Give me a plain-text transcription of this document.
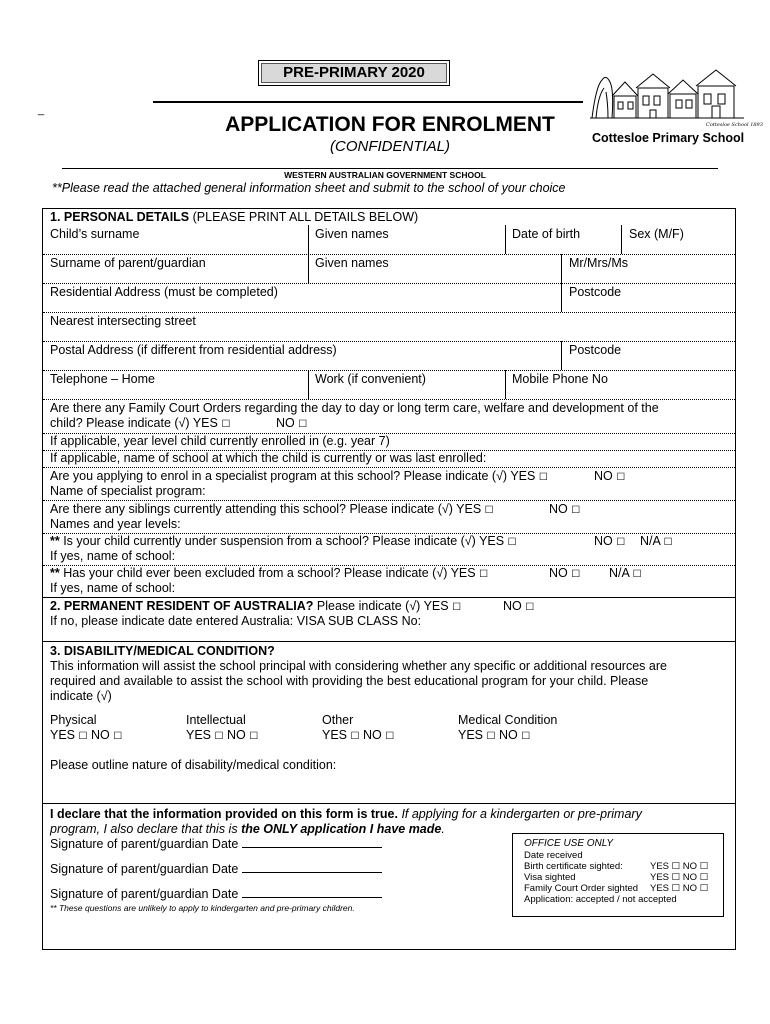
PRE-PRIMARY 2020
_
APPLICATION FOR ENROLMENT
(CONFIDENTIAL)
Cottesloe School 1893
Cottesloe Primary School
WESTERN AUSTRALIAN GOVERNMENT SCHOOL
**Please read the attached general information sheet and submit to the school of your choice
1. PERSONAL DETAILS (PLEASE PRINT ALL DETAILS BELOW)
Child’s surname	Given names	Date of birth	Sex (M/F)
Surname of parent/guardian	Given names	Mr/Mrs/Ms
Residential Address (must be completed)	Postcode
Nearest intersecting street
Postal Address (if different from residential address)	Postcode
Telephone – Home	Work (if convenient)	Mobile Phone No
Are there any Family Court Orders regarding the day to day or long term care, welfare and development of the
child? Please indicate (√) YES ☐	NO ☐
If applicable, year level child currently enrolled in (e.g. year 7)
If applicable, name of school at which the child is currently or was last enrolled:
Are you applying to enrol in a specialist program at this school? Please indicate (√) YES ☐	NO ☐
Name of specialist program:
Are there any siblings currently attending this school? Please indicate (√) YES ☐	NO ☐
Names and year levels:
** Is your child currently under suspension from a school? Please indicate (√) YES ☐	NO ☐ N/A ☐
If yes, name of school:
** Has your child ever been excluded from a school? Please indicate (√) YES ☐	NO ☐ N/A ☐
If yes, name of school:
2. PERMANENT RESIDENT OF AUSTRALIA? Please indicate (√) YES ☐	NO ☐
If no, please indicate date entered Australia: VISA SUB CLASS No:
3. DISABILITY/MEDICAL CONDITION?
This information will assist the school principal with considering whether any specific or additional resources are
required and available to assist the school with providing the best educational program for your child. Please
indicate (√)
Physical	Intellectual	Other	Medical Condition
YES ☐ NO ☐	YES ☐ NO ☐	YES ☐ NO ☐	YES ☐ NO ☐
Please outline nature of disability/medical condition:
I declare that the information provided on this form is true. If applying for a kindergarten or pre-primary
program, I also declare that this is the ONLY application I have made.
Signature of parent/guardian Date
Signature of parent/guardian Date
Signature of parent/guardian Date
** These questions are unlikely to apply to kindergarten and pre-primary children.
OFFICE USE ONLY
Date received
Birth certificate sighted:	YES ☐ NO ☐
Visa sighted	YES ☐ NO ☐
Family Court Order sighted YES ☐ NO ☐
Application: accepted / not accepted
